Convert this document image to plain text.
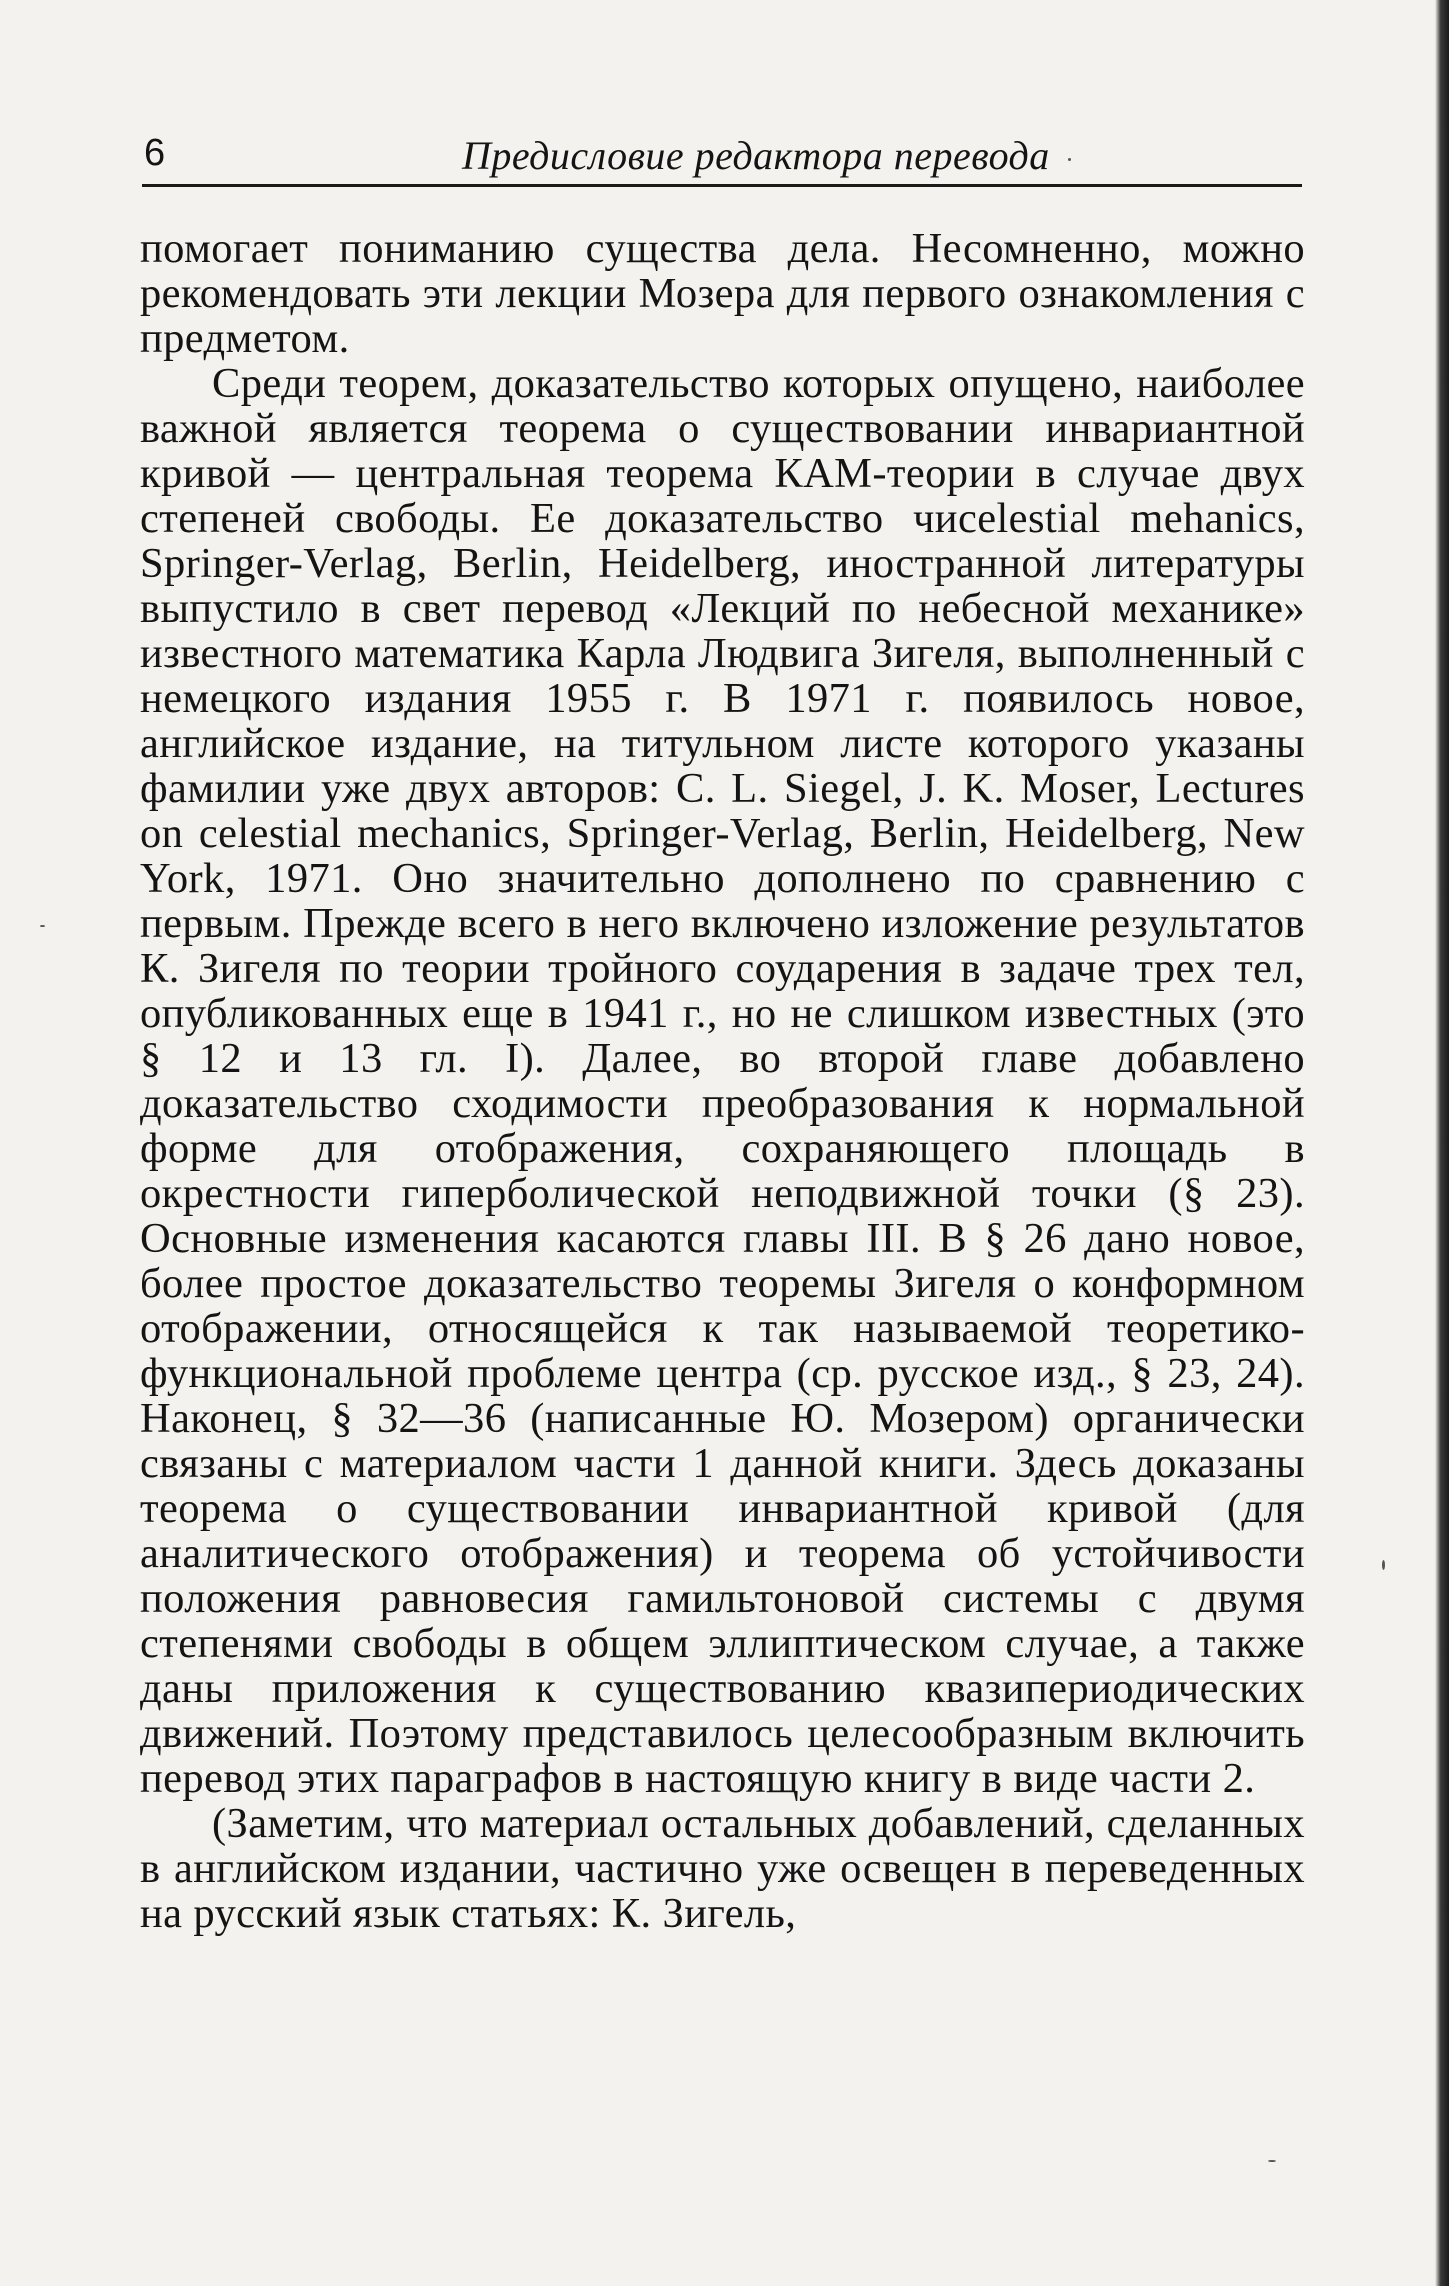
6	Предисловие редактора перевода

помогает пониманию существа дела. Несомненно, можно рекомендовать эти лекции Мозера для первого ознакомления с предметом.

Среди теорем, доказательство которых опущено, наиболее важной является теорема о существовании инвариантной кривой — центральная теорема КАМ-теории в случае двух степеней свободы. Ее доказательство чиcelestial mehanics, Springer-Verlag, Berlin, Heidelberg, иностранной литературы выпустило в свет перевод «Лекций по небесной механике» известного математика Карла Людвига Зигеля, выполненный с немецкого издания 1955 г. В 1971 г. появилось новое, английское издание, на титульном листе которого указаны фамилии уже двух авторов: C. L. Siegel, J. K. Moser, Lectures on celestial mechanics, Springer-Verlag, Berlin, Heidelberg, New York, 1971. Оно значительно дополнено по сравнению с первым. Прежде всего в него включено изложение результатов К. Зигеля по теории тройного соударения в задаче трех тел, опубликованных еще в 1941 г., но не слишком известных (это § 12 и 13 гл. I). Далее, во второй главе добавлено доказательство сходимости преобразования к нормальной форме для отображения, сохраняющего площадь в окрестности гиперболической неподвижной точки (§ 23). Основные изменения касаются главы III. В § 26 дано новое, более простое доказательство теоремы Зигеля о конформном отображении, относящейся к так называемой теоретико-функциональной проблеме центра (ср. русское изд., § 23, 24). Наконец, § 32—36 (написанные Ю. Мозером) органически связаны с материалом части 1 данной книги. Здесь доказаны теорема о существовании инвариантной кривой (для аналитического отображения) и теорема об устойчивости положения равновесия гамильтоновой системы с двумя степенями свободы в общем эллиптическом случае, а также даны приложения к существованию квазипериодических движений. Поэтому представилось целесообразным включить перевод этих параграфов в настоящую книгу в виде части 2.

(Заметим, что материал остальных добавлений, сделанных в английском издании, частично уже освещен в переведенных на русский язык статьях: К. Зигель,
